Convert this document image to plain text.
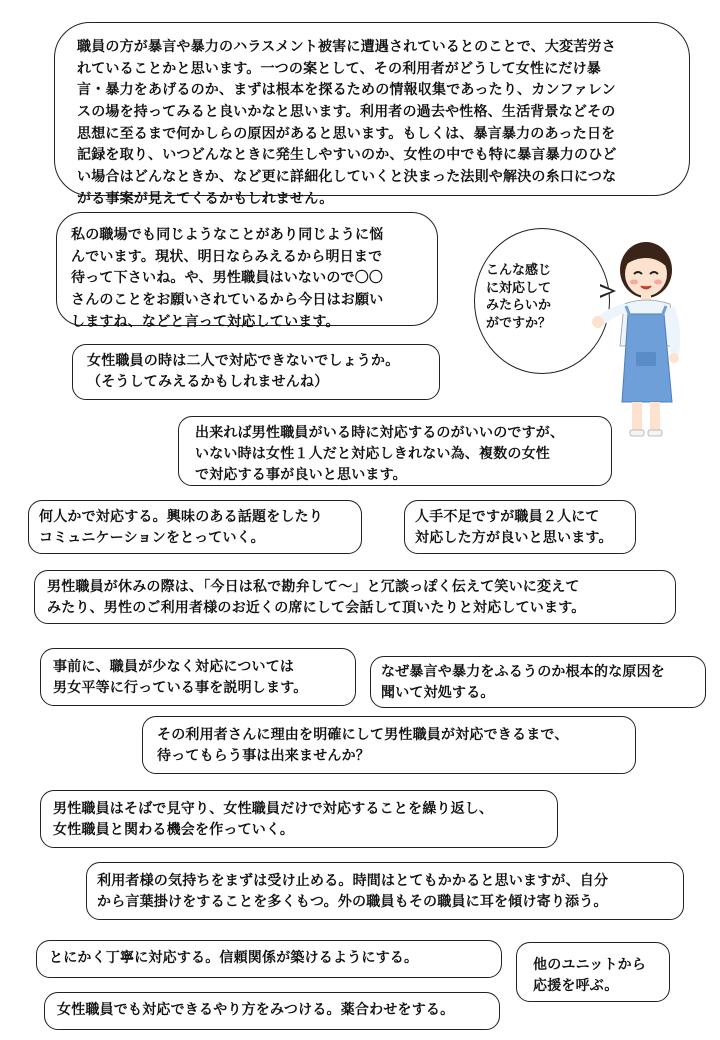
職員の方が暴言や暴力のハラスメント被害に遭遇されているとのことで、大変苦労さ

れていることかと思います。一つの案として、その利用者がどうして女性にだけ暴

言・暴力をあげるのか、まずは根本を探るための情報収集であったり、カンファレン

スの場を持ってみると良いかなと思います。利用者の過去や性格、生活背景などその

思想に至るまで何かしらの原因があると思います。もしくは、暴言暴力のあった日を

記録を取り、いつどんなときに発生しやすいのか、女性の中でも特に暴言暴力のひど

い場合はどんなときか、など更に詳細化していくと決まった法則や解決の糸口につな

がる事案が見えてくるかもしれません。

私の職場でも同じようなことがあり同じように悩

んでいます。現状、明日ならみえるから明日まで

待って下さいね。や、男性職員はいないので〇〇

さんのことをお願いされているから今日はお願い

しますね、などと言って対応しています。

こんな感じ
に対応して
みたらいか
がですか？

女性職員の時は二人で対応できないでしょうか。

（そうしてみえるかもしれませんね）

出来れば男性職員がいる時に対応するのがいいのですが、

いない時は女性１人だと対応しきれない為、複数の女性

で対応する事が良いと思います。

何人かで対応する。興味のある話題をしたり

コミュニケーションをとっていく。

人手不足ですが職員２人にて

対応した方が良いと思います。

男性職員が休みの際は、「今日は私で勘弁して～」と冗談っぽく伝えて笑いに変えて

みたり、男性のご利用者様のお近くの席にして会話して頂いたりと対応しています。

事前に、職員が少なく対応については

男女平等に行っている事を説明します。

なぜ暴言や暴力をふるうのか根本的な原因を

聞いて対処する。

その利用者さんに理由を明確にして男性職員が対応できるまで、

待ってもらう事は出来ませんか？

男性職員はそばで見守り、女性職員だけで対応することを繰り返し、

女性職員と関わる機会を作っていく。

利用者様の気持ちをまずは受け止める。時間はとてもかかると思いますが、自分

から言葉掛けをすることを多くもつ。外の職員もその職員に耳を傾け寄り添う。

とにかく丁寧に対応する。信頼関係が築けるようにする。	他のユニットから

応援を呼ぶ。

女性職員でも対応できるやり方をみつける。薬合わせをする。
